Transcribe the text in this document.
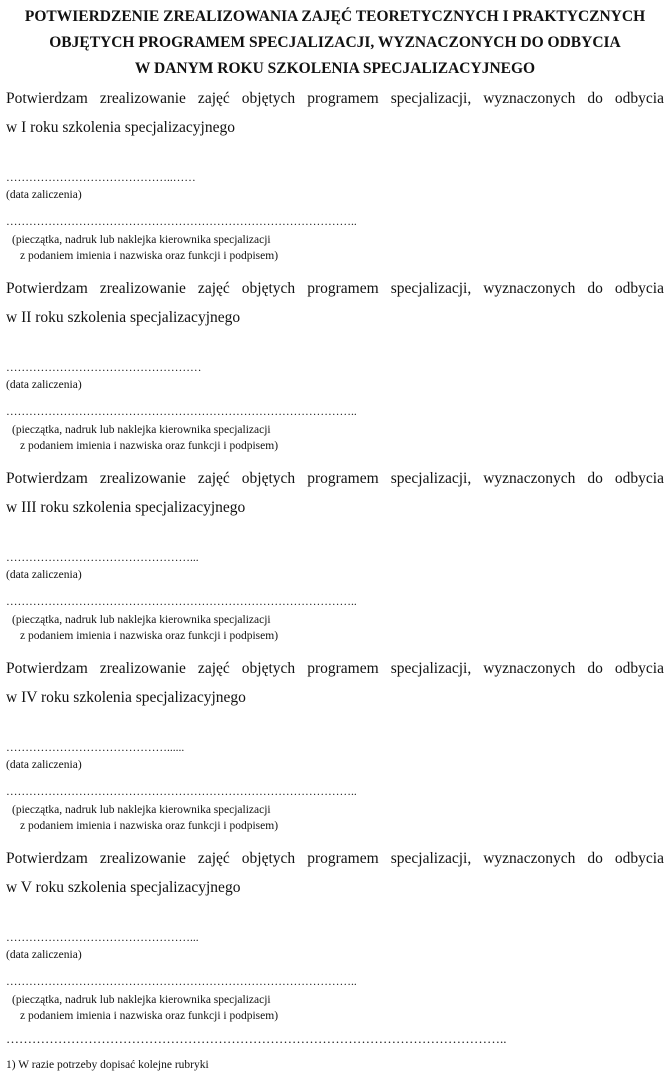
POTWIERDZENIE ZREALIZOWANIA ZAJĘĆ TEORETYCZNYCH I PRAKTYCZNYCH
OBJĘTYCH PROGRAMEM SPECJALIZACJI, WYZNACZONYCH DO ODBYCIA
W DANYM ROKU SZKOLENIA SPECJALIZACYJNEGO

Potwierdzam zrealizowanie zajęć objętych programem specjalizacji, wyznaczonych do odbycia
w I roku szkolenia specjalizacyjnego

……………………………………..……
(data zaliczenia)
………………………………………………………………………………..
(pieczątka, nadruk lub naklejka kierownika specjalizacji
z podaniem imienia i nazwiska oraz funkcji i podpisem)

Potwierdzam zrealizowanie zajęć objętych programem specjalizacji, wyznaczonych do odbycia
w II roku szkolenia specjalizacyjnego

……………………………………………
(data zaliczenia)
………………………………………………………………………………..
(pieczątka, nadruk lub naklejka kierownika specjalizacji
z podaniem imienia i nazwiska oraz funkcji i podpisem)

Potwierdzam zrealizowanie zajęć objętych programem specjalizacji, wyznaczonych do odbycia
w III roku szkolenia specjalizacyjnego

…………………………………………...
(data zaliczenia)
………………………………………………………………………………..
(pieczątka, nadruk lub naklejka kierownika specjalizacji
z podaniem imienia i nazwiska oraz funkcji i podpisem)

Potwierdzam zrealizowanie zajęć objętych programem specjalizacji, wyznaczonych do odbycia
w IV roku szkolenia specjalizacyjnego

……………………………………......
(data zaliczenia)
………………………………………………………………………………..
(pieczątka, nadruk lub naklejka kierownika specjalizacji
z podaniem imienia i nazwiska oraz funkcji i podpisem)

Potwierdzam zrealizowanie zajęć objętych programem specjalizacji, wyznaczonych do odbycia
w V roku szkolenia specjalizacyjnego

…………………………………………...
(data zaliczenia)
………………………………………………………………………………..
(pieczątka, nadruk lub naklejka kierownika specjalizacji
z podaniem imienia i nazwiska oraz funkcji i podpisem)
……………………………………………………………………………………………………..
1) W razie potrzeby dopisać kolejne rubryki
